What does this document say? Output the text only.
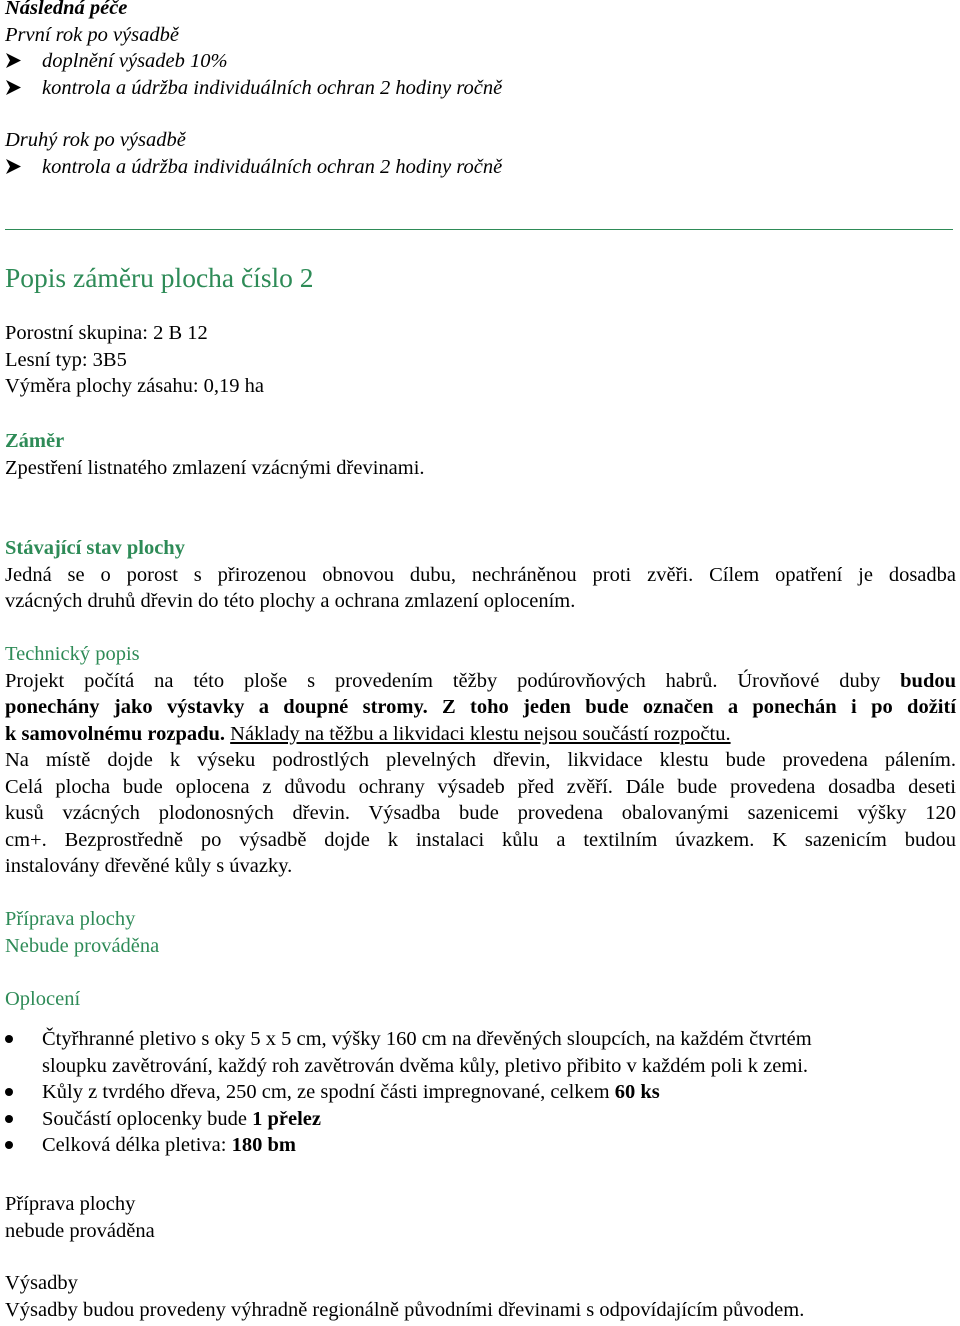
Následná péče
První rok po výsadbě
doplnění výsadeb 10%
kontrola a údržba individuálních ochran 2 hodiny ročně
Druhý rok po výsadbě
kontrola a údržba individuálních ochran 2 hodiny ročně
Popis záměru plocha číslo 2
Porostní skupina: 2 B 12
Lesní typ: 3B5
Výměra plochy zásahu: 0,19 ha
Záměr
Zpestření listnatého zmlazení vzácnými dřevinami.
Stávající stav plochy
Jedná se o porost s přirozenou obnovou dubu, nechráněnou proti zvěři. Cílem opatření je dosadba
vzácných druhů dřevin do této plochy a ochrana zmlazení oplocením.
Technický popis
Projekt počítá na této ploše s provedením těžby podúrovňových habrů. Úrovňové duby budou
ponechány jako výstavky a doupné stromy. Z toho jeden bude označen a ponechán i po dožití
k samovolnému rozpadu. Náklady na těžbu a likvidaci klestu nejsou součástí rozpočtu.
Na místě dojde k výseku podrostlých plevelných dřevin, likvidace klestu bude provedena pálením.
Celá plocha bude oplocena z důvodu ochrany výsadeb před zvěří. Dále bude provedena dosadba deseti
kusů vzácných plodonosných dřevin. Výsadba bude provedena obalovanými sazenicemi výšky 120
cm+. Bezprostředně po výsadbě dojde k instalaci kůlu a textilním úvazkem. K sazenicím budou
instalovány dřevěné kůly s úvazky.
Příprava plochy
Nebude prováděna
Oplocení
Čtyřhranné pletivo s oky 5 x 5 cm, výšky 160 cm na dřevěných sloupcích, na každém čtvrtém
sloupku zavětrování, každý roh zavětrován dvěma kůly, pletivo přibito v každém poli k zemi.
Kůly z tvrdého dřeva, 250 cm, ze spodní části impregnované, celkem 60 ks
Součástí oplocenky bude 1 přelez
Celková délka pletiva: 180 bm
Příprava plochy
nebude prováděna
Výsadby
Výsadby budou provedeny výhradně regionálně původními dřevinami s odpovídajícím původem.
